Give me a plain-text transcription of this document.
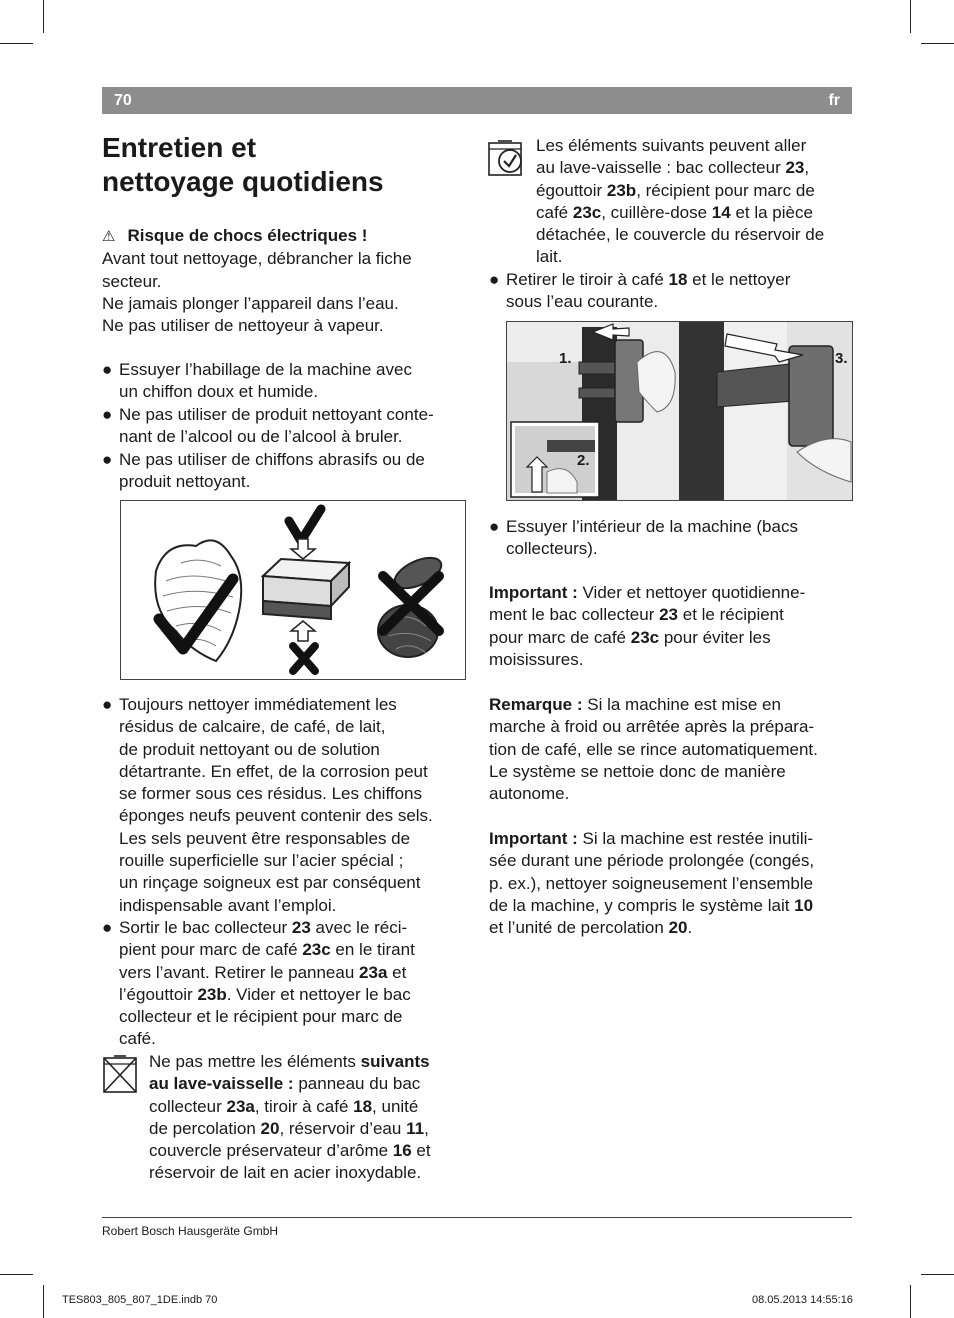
70	fr
Entretien et
nettoyage quotidiens
⚠ Risque de chocs électriques !
Avant tout nettoyage, débrancher la fiche
secteur.
Ne jamais plonger l’appareil dans l’eau.
Ne pas utiliser de nettoyeur à vapeur.
● Essuyer l’habillage de la machine avec
un chiffon doux et humide.
● Ne pas utiliser de produit nettoyant conte-
nant de l’alcool ou de l’alcool à bruler.
● Ne pas utiliser de chiffons abrasifs ou de
produit nettoyant.
● Toujours nettoyer immédiatement les
résidus de calcaire, de café, de lait,
de produit nettoyant ou de solution
détartrante. En effet, de la corrosion peut
se former sous ces résidus. Les chiffons
éponges neufs peuvent contenir des sels.
Les sels peuvent être responsables de
rouille superficielle sur l’acier spécial ;
un rinçage soigneux est par conséquent
indispensable avant l’emploi.
● Sortir le bac collecteur 23 avec le réci-
pient pour marc de café 23c en le tirant
vers l’avant. Retirer le panneau 23a et
l’égouttoir 23b. Vider et nettoyer le bac
collecteur et le récipient pour marc de
café.
Ne pas mettre les éléments suivants
au lave-vaisselle : panneau du bac
collecteur 23a, tiroir à café 18, unité
de percolation 20, réservoir d’eau 11,
couvercle préservateur d’arôme 16 et
réservoir de lait en acier inoxydable.
Les éléments suivants peuvent aller
au lave-vaisselle : bac collecteur 23,
égouttoir 23b, récipient pour marc de
café 23c, cuillère-dose 14 et la pièce
détachée, le couvercle du réservoir de
lait.
● Retirer le tiroir à café 18 et le nettoyer
sous l’eau courante.
1.
2.
3.
● Essuyer l’intérieur de la machine (bacs
collecteurs).
Important : Vider et nettoyer quotidienne-
ment le bac collecteur 23 et le récipient
pour marc de café 23c pour éviter les
moisissures.
Remarque : Si la machine est mise en
marche à froid ou arrêtée après la prépara-
tion de café, elle se rince automatiquement.
Le système se nettoie donc de manière
autonome.
Important : Si la machine est restée inutili-
sée durant une période prolongée (congés,
p. ex.), nettoyer soigneusement l’ensemble
de la machine, y compris le système lait 10
et l’unité de percolation 20.
Robert Bosch Hausgeräte GmbH
TES803_805_807_1DE.indb 70	08.05.2013 14:55:16
